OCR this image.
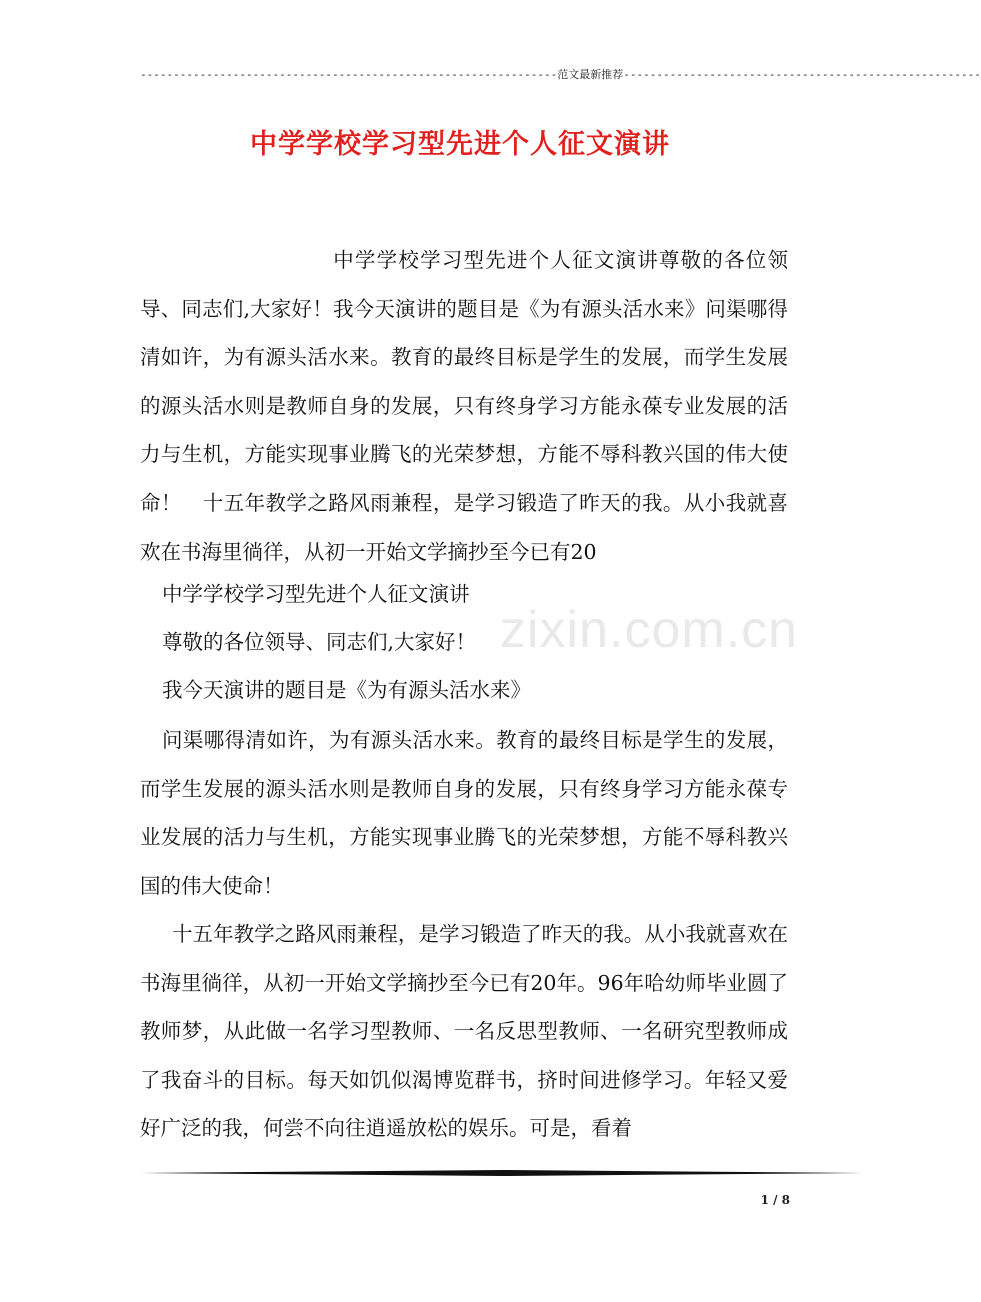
---------------------------------------------------------------范文最新推荐------------------------------------------------------
中学学校学习型先进个人征文演讲
zixin.com.cn
中学学校学习型先进个人征文演讲尊敬的各位领导、同志们,大家好！我今天演讲的题目是《为有源头活水来》问渠哪得清如许，为有源头活水来。教育的最终目标是学生的发展，而学生发展的源头活水则是教师自身的发展，只有终身学习方能永葆专业发展的活力与生机，方能实现事业腾飞的光荣梦想，方能不辱科教兴国的伟大使命！　十五年教学之路风雨兼程，是学习锻造了昨天的我。从小我就喜欢在书海里徜徉，从初一开始文学摘抄至今已有20
中学学校学习型先进个人征文演讲
尊敬的各位领导、同志们,大家好！
我今天演讲的题目是《为有源头活水来》
问渠哪得清如许，为有源头活水来。教育的最终目标是学生的发展，而学生发展的源头活水则是教师自身的发展，只有终身学习方能永葆专业发展的活力与生机，方能实现事业腾飞的光荣梦想，方能不辱科教兴国的伟大使命！
十五年教学之路风雨兼程，是学习锻造了昨天的我。从小我就喜欢在书海里徜徉，从初一开始文学摘抄至今已有20年。96年哈幼师毕业圆了教师梦，从此做一名学习型教师、一名反思型教师、一名研究型教师成了我奋斗的目标。每天如饥似渴博览群书，挤时间进修学习。年轻又爱好广泛的我，何尝不向往逍遥放松的娱乐。可是，看着
1 / 8
